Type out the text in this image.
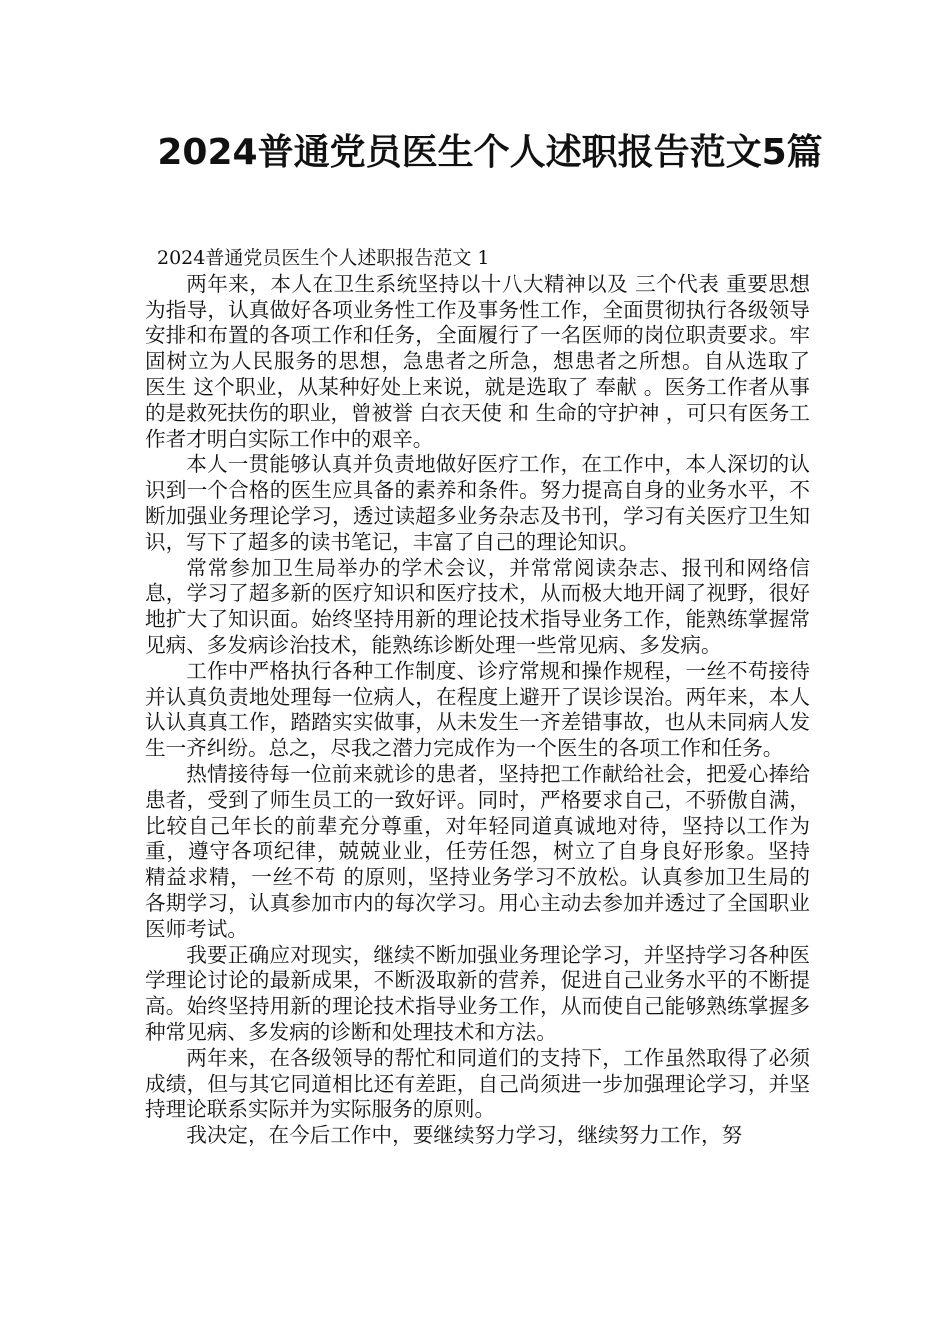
2024普通党员医生个人述职报告范文5篇

2024普通党员医生个人述职报告范文 1

两年来，本人在卫生系统坚持以十八大精神以及 三个代表 重要思想为指导，认真做好各项业务性工作及事务性工作，全面贯彻执行各级领导安排和布置的各项工作和任务，全面履行了一名医师的岗位职责要求。牢固树立为人民服务的思想，急患者之所急，想患者之所想。自从选取了 医生 这个职业，从某种好处上来说，就是选取了 奉献 。医务工作者从事的是救死扶伤的职业，曾被誉 白衣天使 和 生命的守护神 ，可只有医务工作者才明白实际工作中的艰辛。

本人一贯能够认真并负责地做好医疗工作，在工作中，本人深切的认识到一个合格的医生应具备的素养和条件。努力提高自身的业务水平，不断加强业务理论学习，透过读超多业务杂志及书刊，学习有关医疗卫生知识，写下了超多的读书笔记，丰富了自己的理论知识。

常常参加卫生局举办的学术会议，并常常阅读杂志、报刊和网络信息，学习了超多新的医疗知识和医疗技术，从而极大地开阔了视野，很好地扩大了知识面。始终坚持用新的理论技术指导业务工作，能熟练掌握常见病、多发病诊治技术，能熟练诊断处理一些常见病、多发病。

工作中严格执行各种工作制度、诊疗常规和操作规程，一丝不苟接待并认真负责地处理每一位病人，在程度上避开了误诊误治。两年来，本人认认真真工作，踏踏实实做事，从未发生一齐差错事故，也从未同病人发生一齐纠纷。总之，尽我之潜力完成作为一个医生的各项工作和任务。

热情接待每一位前来就诊的患者，坚持把工作献给社会，把爱心捧给患者，受到了师生员工的一致好评。同时，严格要求自己，不骄傲自满，比较自己年长的前辈充分尊重，对年轻同道真诚地对待，坚持以工作为重，遵守各项纪律，兢兢业业，任劳任怨，树立了自身良好形象。坚持 精益求精，一丝不苟 的原则，坚持业务学习不放松。认真参加卫生局的各期学习，认真参加市内的每次学习。用心主动去参加并透过了全国职业医师考试。

我要正确应对现实，继续不断加强业务理论学习，并坚持学习各种医学理论讨论的最新成果，不断汲取新的营养，促进自己业务水平的不断提高。始终坚持用新的理论技术指导业务工作，从而使自己能够熟练掌握多种常见病、多发病的诊断和处理技术和方法。

两年来，在各级领导的帮忙和同道们的支持下，工作虽然取得了必须成绩，但与其它同道相比还有差距，自己尚须进一步加强理论学习，并坚持理论联系实际并为实际服务的原则。

我决定，在今后工作中，要继续努力学习，继续努力工作，努
